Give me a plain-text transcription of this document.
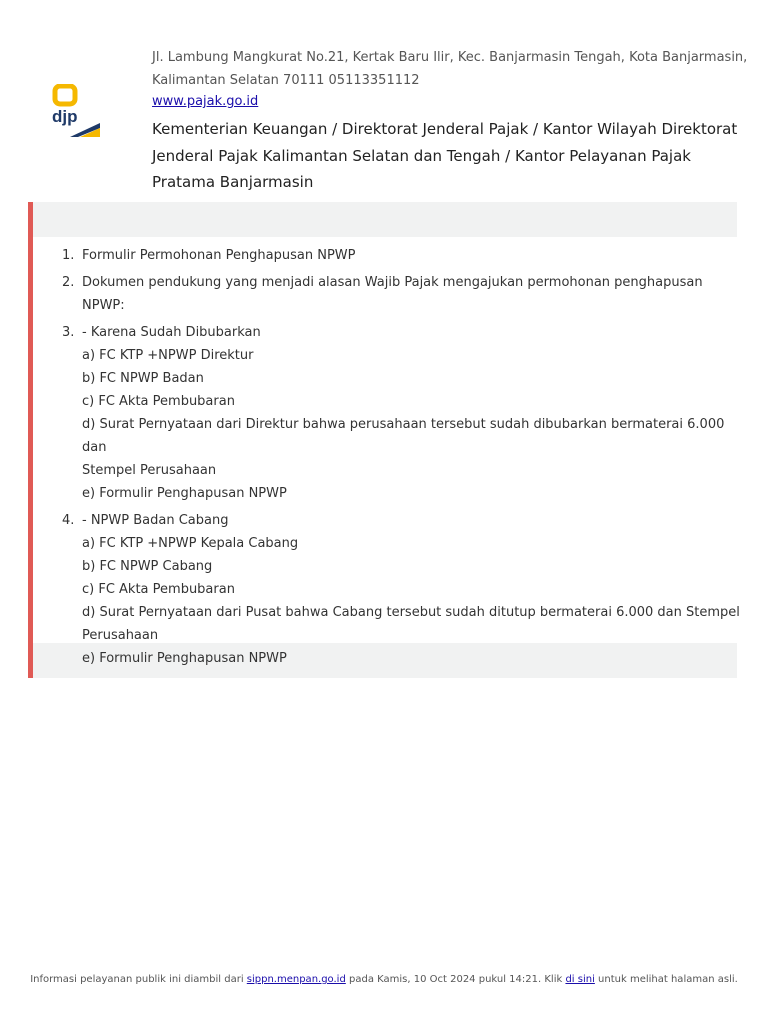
djp
Jl. Lambung Mangkurat No.21, Kertak Baru Ilir, Kec. Banjarmasin Tengah, Kota Banjarmasin,
Kalimantan Selatan 70111 05113351112
www.pajak.go.id
Kementerian Keuangan / Direktorat Jenderal Pajak / Kantor Wilayah Direktorat
Jenderal Pajak Kalimantan Selatan dan Tengah / Kantor Pelayanan Pajak
Pratama Banjarmasin
1. Formulir Permohonan Penghapusan NPWP
2. Dokumen pendukung yang menjadi alasan Wajib Pajak mengajukan permohonan penghapusan NPWP:
3. - Karena Sudah Dibubarkan
a) FC KTP +NPWP Direktur
b) FC NPWP Badan
c) FC Akta Pembubaran
d) Surat Pernyataan dari Direktur bahwa perusahaan tersebut sudah dibubarkan bermaterai 6.000 dan
Stempel Perusahaan
e) Formulir Penghapusan NPWP
4. - NPWP Badan Cabang
a) FC KTP +NPWP Kepala Cabang
b) FC NPWP Cabang
c) FC Akta Pembubaran
d) Surat Pernyataan dari Pusat bahwa Cabang tersebut sudah ditutup bermaterai 6.000 dan Stempel
Perusahaan
e) Formulir Penghapusan NPWP
Informasi pelayanan publik ini diambil dari sippn.menpan.go.id pada Kamis, 10 Oct 2024 pukul 14:21. Klik di sini untuk melihat halaman asli.
